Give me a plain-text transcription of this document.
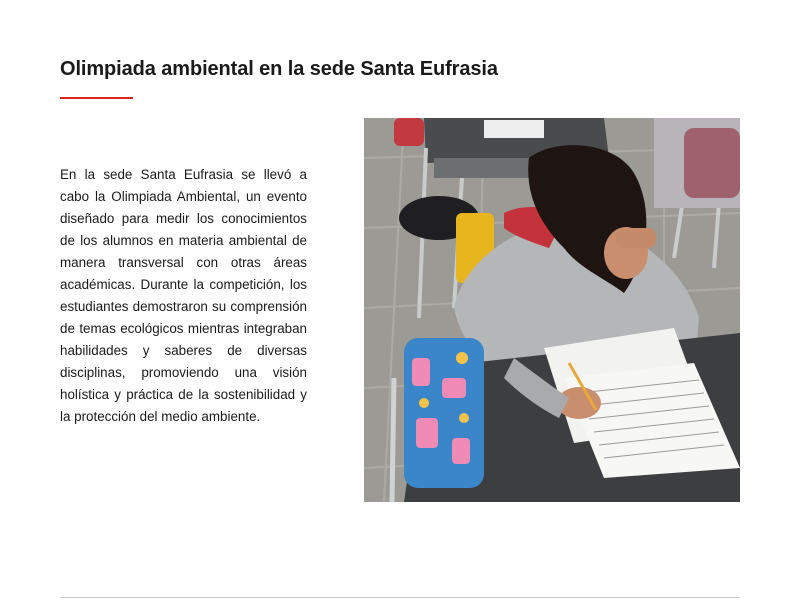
Olimpiada ambiental en la sede Santa Eufrasia

En la sede Santa Eufrasia se llevó a cabo la Olimpiada Ambiental, un evento diseñado para medir los conocimientos de los alumnos en materia ambiental de manera transversal con otras áreas académicas. Durante la competición, los estudiantes demostraron su comprensión de temas ecológicos mientras integraban habilidades y saberes de diversas disciplinas, promoviendo una visión holística y práctica de la sostenibilidad y la protección del medio ambiente.
